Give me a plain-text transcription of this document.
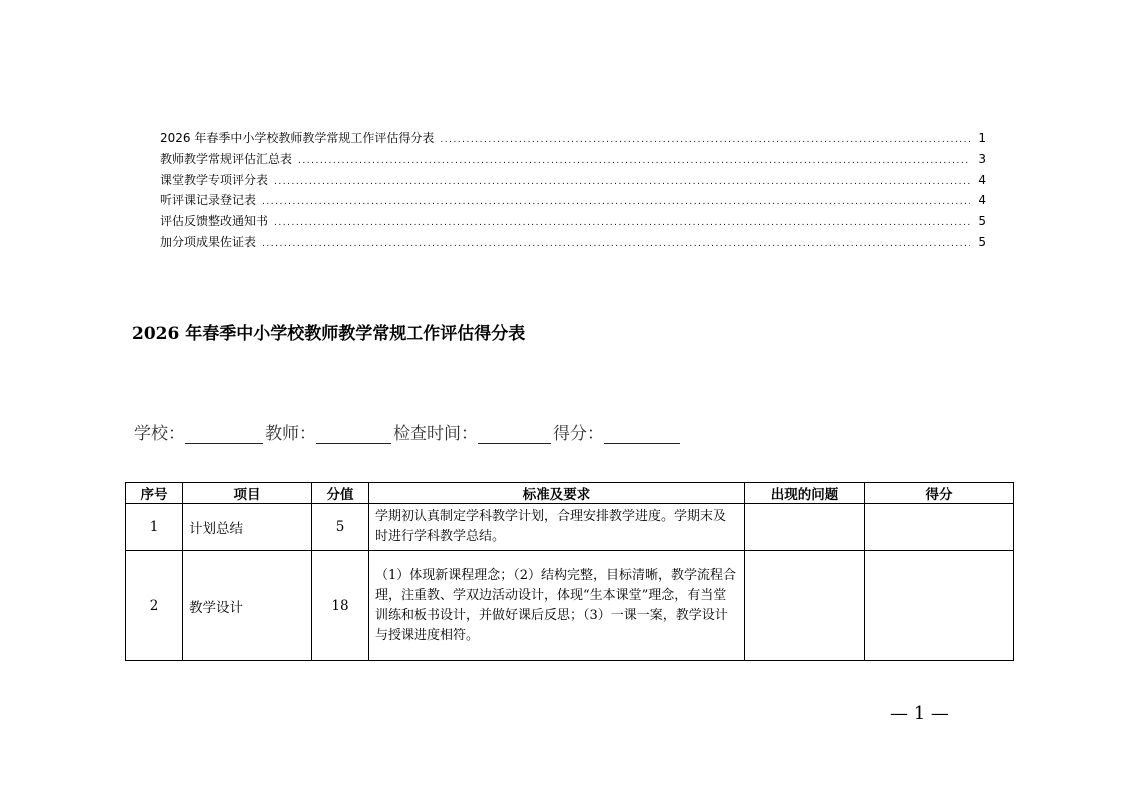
2026 年春季中小学校教师教学常规工作评估得分表 .....	1
教师教学常规评估汇总表 .....	3
课堂教学专项评分表 .....	4
听评课记录登记表 .....	4
评估反馈整改通知书 .....	5
加分项成果佐证表 .....	5
2026 年春季中小学校教师教学常规工作评估得分表
学校：	教师：	检查时间：	得分：
序号	项目	分值	标准及要求	出现的问题	得分
1	计划总结	5	学期初认真制定学科教学计划，合理安排教学进度。学期末及时进行学科教学总结。		
2	教学设计	18	（1）体现新课程理念；（2）结构完整，目标清晰，教学流程合理，注重教、学双边活动设计，体现“生本课堂”理念，有当堂训练和板书设计，并做好课后反思；（3）一课一案，教学设计与授课进度相符。		
— 1 —
